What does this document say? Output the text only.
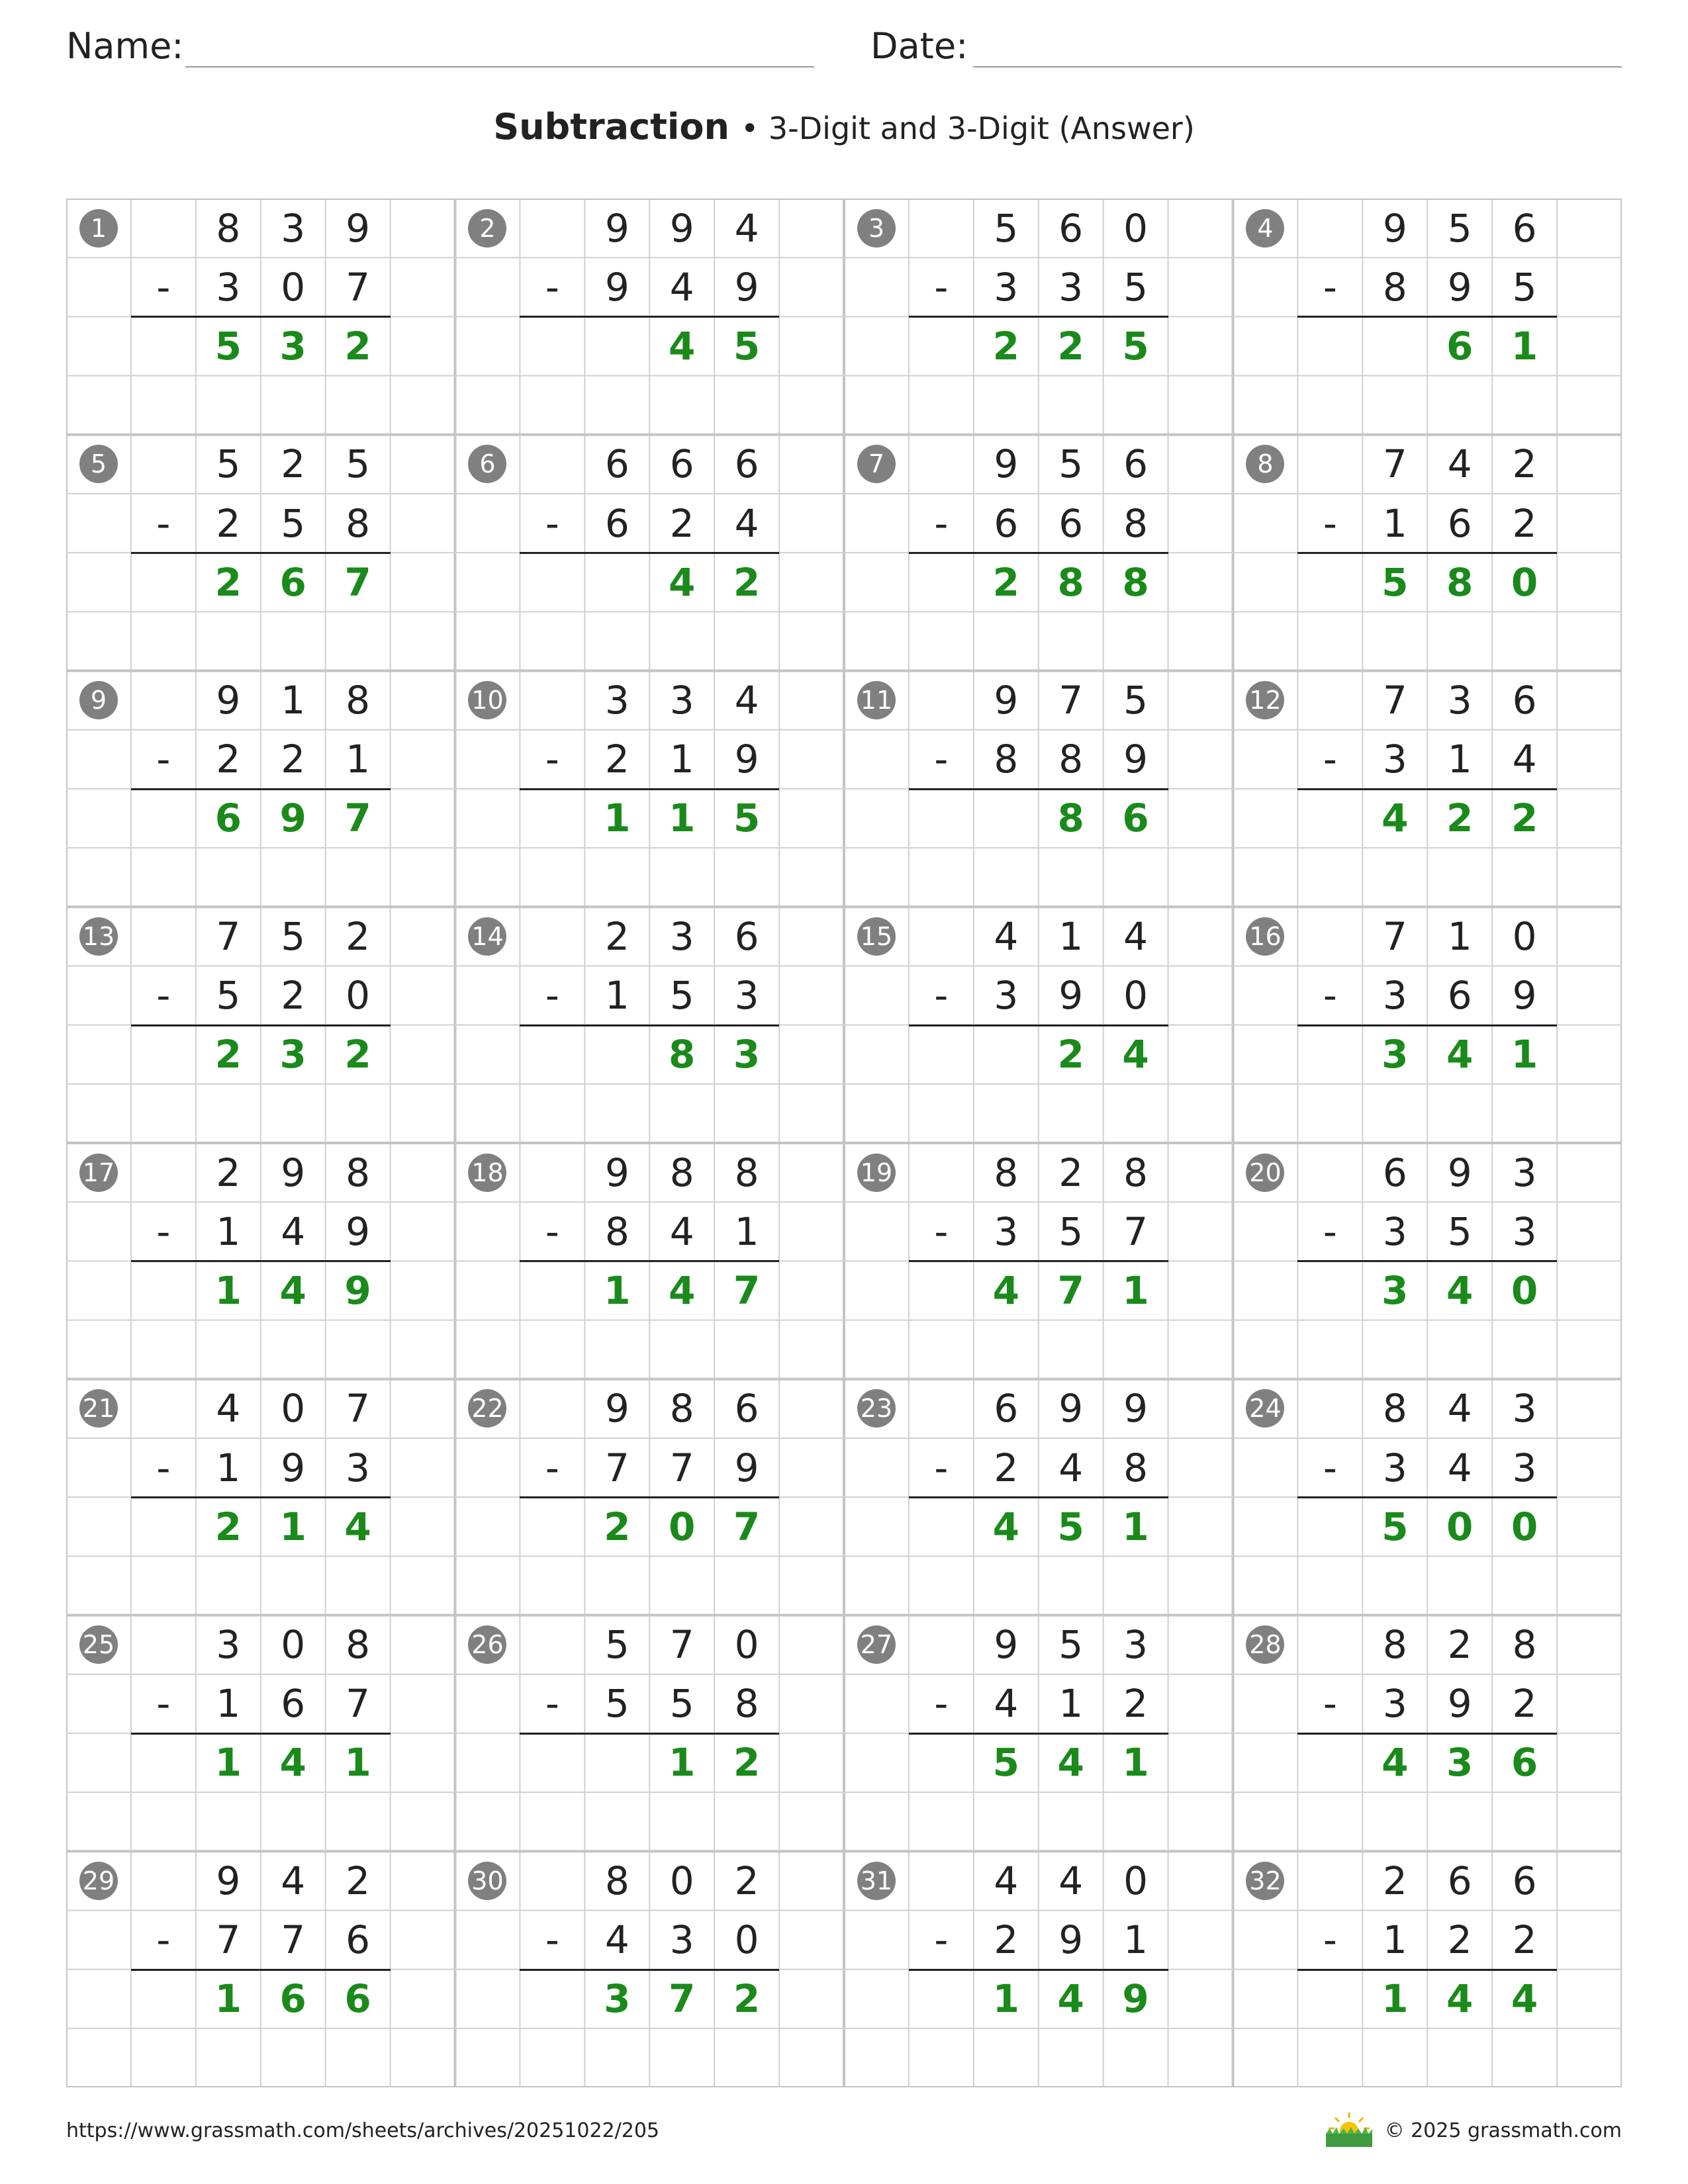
Name:	Date:
Subtraction • 3-Digit and 3-Digit (Answer)
1	8	3	9
-	3	0	7
5 3 2
2	9	9	4
-	9	4	9
4 5
3	5	6	0
-	3	3	5
2 2 5
4	9	5	6
-	8	9	5
6 1
5	5	2	5
-	2	5	8
2 6 7
6	6	6	6
-	6	2	4
4 2
7	9	5	6
-	6	6	8
2 8 8
8	7	4	2
-	1	6	2
5 8 0
9	9	1	8
-	2	2	1
6 9 7
10	3	3	4
-	2	1	9
1 1 5
11	9	7	5
-	8	8	9
8 6
12	7	3	6
-	3	1	4
4 2 2
13	7	5	2
-	5	2	0
2 3 2
14	2	3	6
-	1	5	3
8 3
15	4	1	4
-	3	9	0
2 4
16	7	1	0
-	3	6	9
3 4 1
17	2	9	8
-	1	4	9
1 4 9
18	9	8	8
-	8	4	1
1 4 7
19	8	2	8
-	3	5	7
4 7 1
20	6	9	3
-	3	5	3
3 4 0
21	4	0	7
-	1	9	3
2 1 4
22	9	8	6
-	7	7	9
2 0 7
23	6	9	9
-	2	4	8
4 5 1
24	8	4	3
-	3	4	3
5 0 0
25	3	0	8
-	1	6	7
1 4 1
26	5	7	0
-	5	5	8
1 2
27	9	5	3
-	4	1	2
5 4 1
28	8	2	8
-	3	9	2
4 3 6
29	9	4	2
-	7	7	6
1 6 6
30	8	0	2
-	4	3	0
3 7 2
31	4	4	0
-	2	9	1
1 4 9
32	2	6	6
-	1	2	2
1 4 4
https://www.grassmath.com/sheets/archives/20251022/205	© 2025 grassmath.com
